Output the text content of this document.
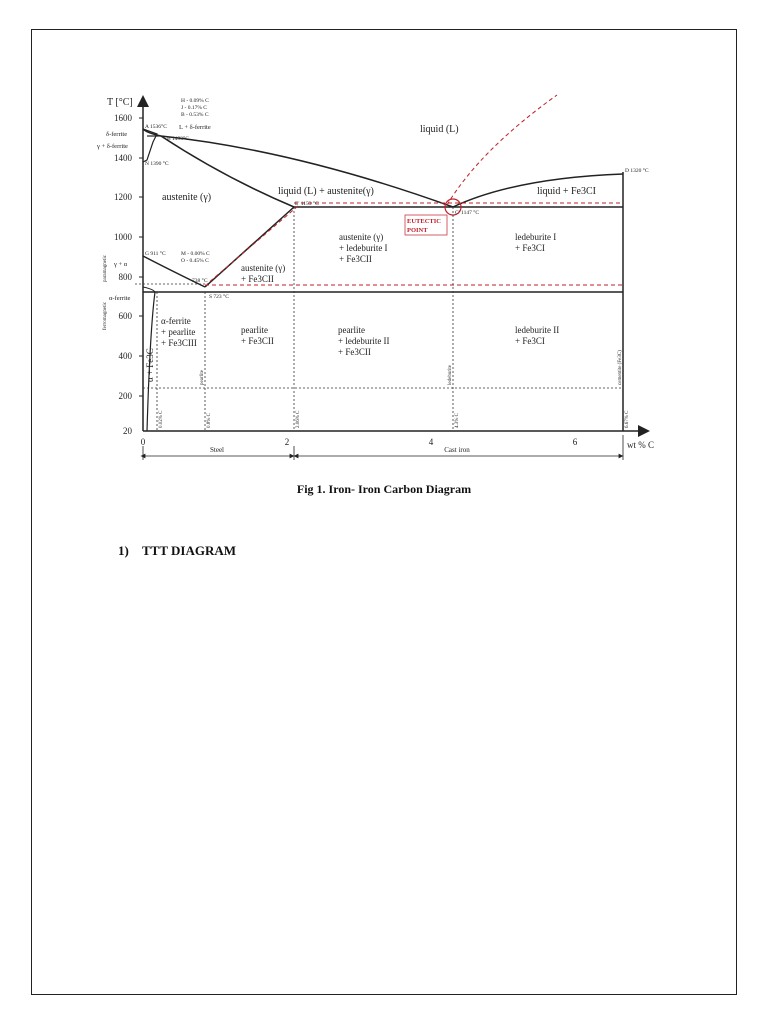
T [°C]
wt % C
1600
1400
1200
1000
800
600
400
200
20
0	2	4	6
Steel	Cast iron
liquid (L)
liquid (L) + austenite(γ)	liquid + Fe3CI
austenite (γ)
austenite (γ)
+ ledeburite I
+ Fe3CII
ledeburite I
+ Fe3CI
austenite (γ)
+ Fe3CII
α-ferrite
+ pearlite
+ Fe3CIII
pearlite
+ Fe3CII
pearlite
+ ledeburite II
+ Fe3CII
ledeburite II
+ Fe3CI
δ-ferrite
γ + δ-ferrite
L + δ-ferrite
γ + α
α-ferrite
α + Fe3C
paramagnetic
ferromagnetic
ledeburite
pearlite	cementite (Fe3C)
A 1536°C
B 1493°C
N 1390 °C
E' 1153 °C
C' 1147 °C
D 1320 °C
G 911 °C
S 723 °C
738 °C
H - 0.09% C
J - 0.17% C
B - 0.53% C
M - 0.00% C
O - 0.45% C
EUTECTIC
POINT
0.02% C	0.8% C	2.06% C	4.3% C	6.67% C
Fig 1. Iron- Iron Carbon Diagram
1) TTT DIAGRAM
